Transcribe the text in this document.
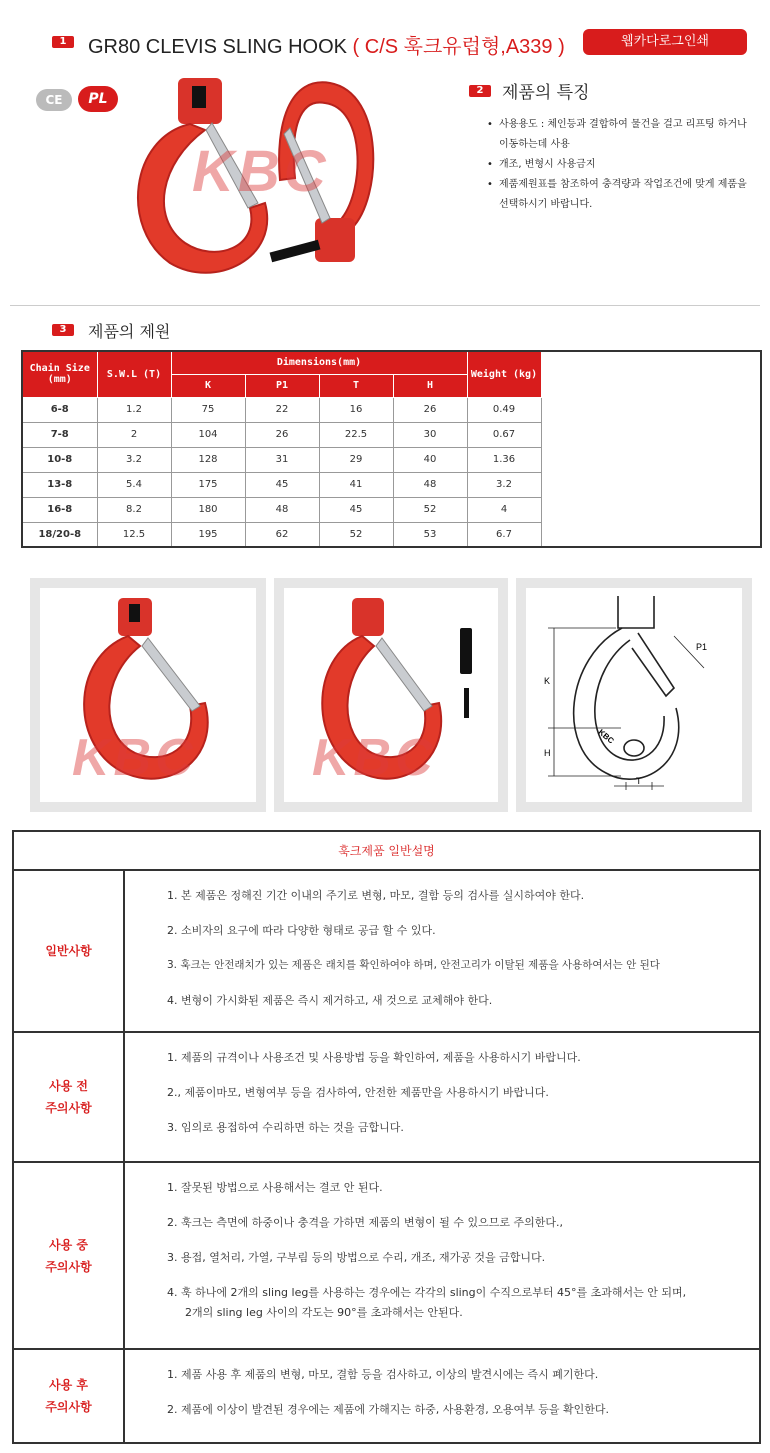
1	GR80 CLEVIS SLING HOOK ( C/S 훅크유럽형,A339 )	웹카다로그인쇄
CE	PL
KBC
2	제품의 특징
• 사용용도 : 체인등과 결합하여 물건을 걸고 리프팅 하거나 이동하는데 사용
• 개조, 변형시 사용금지
• 제품제원표를 참조하여 충격량과 작업조건에 맞게 제품을 선택하시기 바랍니다.
3	제품의 제원
Chain Size (mm)	S.W.L (T)	Dimensions(mm)				Weight (kg)	
		K	P1	T	H		
6-8	1.2	75	22	16	26	0.49	
7-8	2	104	26	22.5	30	0.67	
10-8	3.2	128	31	29	40	1.36	
13-8	5.4	175	45	41	48	3.2	
16-8	8.2	180	48	45	52	4	
18/20-8	12.5	195	62	52	53	6.7	
KBC KBC
K
H
P1
T
KBC
훅크제품 일반설명
일반사항

1. 본 제품은 정해진 기간 이내의 주기로 변형, 마모, 결함 등의 검사를 실시하여야 한다.

2. 소비자의 요구에 따라 다양한 형태로 공급 할 수 있다.

3. 훅크는 안전래치가 있는 제품은 래치를 확인하여야 하며, 안전고리가 이탈된 제품을 사용하여서는 안 된다

4. 변형이 가시화된 제품은 즉시 제거하고, 새 것으로 교체해야 한다.

사용 전
주의사항

1. 제품의 규격이나 사용조건 및 사용방법 등을 확인하여, 제품을 사용하시기 바랍니다.

2., 제품이마모, 변형여부 등을 검사하여, 안전한 제품만을 사용하시기 바랍니다.

3. 임의로 용접하여 수리하면 하는 것을 금합니다.

사용 중
주의사항

1. 잘못된 방법으로 사용해서는 결코 안 된다.

2. 훅크는 측면에 하중이나 충격을 가하면 제품의 변형이 될 수 있으므로 주의한다.,

3. 용접, 열처리, 가열, 구부림 등의 방법으로 수리, 개조, 재가공 것을 금합니다.

4. 훅 하나에 2개의 sling leg를 사용하는 경우에는 각각의 sling이 수직으로부터 45°를 초과해서는 안 되며,

2개의 sling leg 사이의 각도는 90°를 초과해서는 안된다.

사용 후
주의사항

1. 제품 사용 후 제품의 변형, 마모, 결함 등을 검사하고, 이상의 발견시에는 즉시 폐기한다.

2. 제품에 이상이 발견된 경우에는 제품에 가해지는 하중, 사용환경, 오용여부 등을 확인한다.
